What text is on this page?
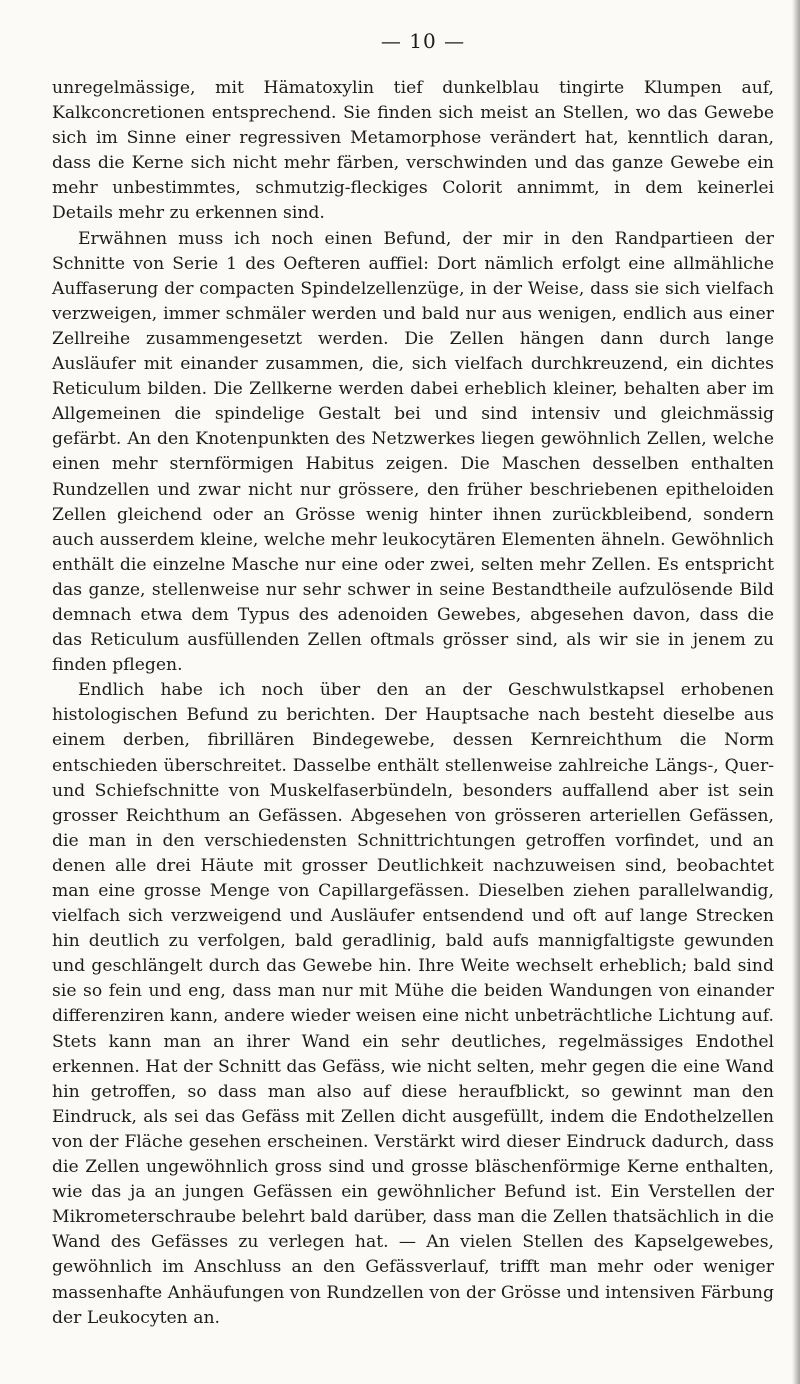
— 10 —

unregelmässige, mit Hämatoxylin tief dunkelblau tingirte Klumpen auf, Kalkconcretionen entsprechend. Sie finden sich meist an Stellen, wo das Gewebe sich im Sinne einer regressiven Metamorphose verändert hat, kenntlich daran, dass die Kerne sich nicht mehr färben, verschwinden und das ganze Gewebe ein mehr unbestimmtes, schmutzig-fleckiges Colorit annimmt, in dem keinerlei Details mehr zu erkennen sind.

Erwähnen muss ich noch einen Befund, der mir in den Randpartieen der Schnitte von Serie 1 des Oefteren auffiel: Dort nämlich erfolgt eine allmähliche Auffaserung der compacten Spindelzellenzüge, in der Weise, dass sie sich vielfach verzweigen, immer schmäler werden und bald nur aus wenigen, endlich aus einer Zellreihe zusammengesetzt werden. Die Zellen hängen dann durch lange Ausläufer mit einander zusammen, die, sich vielfach durchkreuzend, ein dichtes Reticulum bilden. Die Zellkerne werden dabei erheblich kleiner, behalten aber im Allgemeinen die spindelige Gestalt bei und sind intensiv und gleichmässig gefärbt. An den Knotenpunkten des Netzwerkes liegen gewöhnlich Zellen, welche einen mehr sternförmigen Habitus zeigen. Die Maschen desselben enthalten Rundzellen und zwar nicht nur grössere, den früher beschriebenen epitheloiden Zellen gleichend oder an Grösse wenig hinter ihnen zurückbleibend, sondern auch ausserdem kleine, welche mehr leukocytären Elementen ähneln. Gewöhnlich enthält die einzelne Masche nur eine oder zwei, selten mehr Zellen. Es entspricht das ganze, stellenweise nur sehr schwer in seine Bestandtheile aufzulösende Bild demnach etwa dem Typus des adenoiden Gewebes, abgesehen davon, dass die das Reticulum ausfüllenden Zellen oftmals grösser sind, als wir sie in jenem zu finden pflegen.

Endlich habe ich noch über den an der Geschwulstkapsel erhobenen histologischen Befund zu berichten. Der Hauptsache nach besteht dieselbe aus einem derben, fibrillären Bindegewebe, dessen Kernreichthum die Norm entschieden überschreitet. Dasselbe enthält stellenweise zahlreiche Längs-, Quer- und Schiefschnitte von Muskelfaserbündeln, besonders auffallend aber ist sein grosser Reichthum an Gefässen. Abgesehen von grösseren arteriellen Gefässen, die man in den verschiedensten Schnittrichtungen getroffen vorfindet, und an denen alle drei Häute mit grosser Deutlichkeit nachzuweisen sind, beobachtet man eine grosse Menge von Capillargefässen. Dieselben ziehen parallelwandig, vielfach sich verzweigend und Ausläufer entsendend und oft auf lange Strecken hin deutlich zu verfolgen, bald geradlinig, bald aufs mannigfaltigste gewunden und geschlängelt durch das Gewebe hin. Ihre Weite wechselt erheblich; bald sind sie so fein und eng, dass man nur mit Mühe die beiden Wandungen von einander differenziren kann, andere wieder weisen eine nicht unbeträchtliche Lichtung auf. Stets kann man an ihrer Wand ein sehr deutliches, regelmässiges Endothel erkennen. Hat der Schnitt das Gefäss, wie nicht selten, mehr gegen die eine Wand hin getroffen, so dass man also auf diese heraufblickt, so gewinnt man den Eindruck, als sei das Gefäss mit Zellen dicht ausgefüllt, indem die Endothelzellen von der Fläche gesehen erscheinen. Verstärkt wird dieser Eindruck dadurch, dass die Zellen ungewöhnlich gross sind und grosse bläschenförmige Kerne enthalten, wie das ja an jungen Gefässen ein gewöhnlicher Befund ist. Ein Verstellen der Mikrometerschraube belehrt bald darüber, dass man die Zellen thatsächlich in die Wand des Gefässes zu verlegen hat. — An vielen Stellen des Kapselgewebes, gewöhnlich im Anschluss an den Gefässverlauf, trifft man mehr oder weniger massenhafte Anhäufungen von Rundzellen von der Grösse und intensiven Färbung der Leukocyten an.
